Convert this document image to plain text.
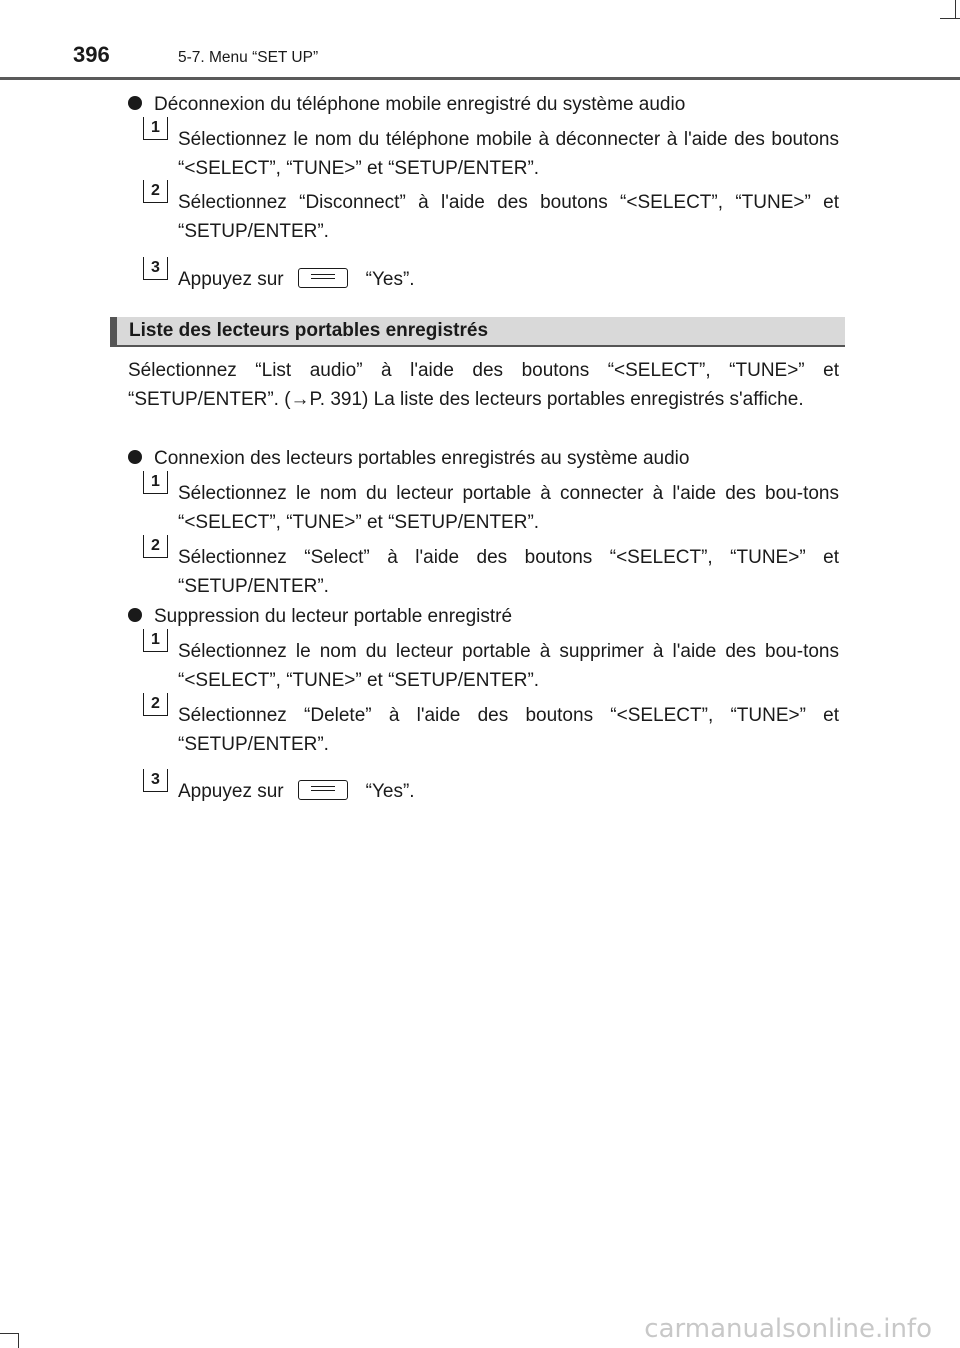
396	5-7. Menu “SET UP”
Déconnexion du téléphone mobile enregistré du système audio
1
Sélectionnez le nom du téléphone mobile à déconnecter à l'aide des boutons “<SELECT”, “TUNE>” et “SETUP/ENTER”.
2
Sélectionnez “Disconnect” à l'aide des boutons “<SELECT”, “TUNE>” et “SETUP/ENTER”.
3
Appuyez sur	“Yes”.
Liste des lecteurs portables enregistrés
Sélectionnez “List audio” à l'aide des boutons “<SELECT”, “TUNE>” et “SETUP/ENTER”. (→P. 391) La liste des lecteurs portables enregistrés s'affiche.
Connexion des lecteurs portables enregistrés au système audio
1
Sélectionnez le nom du lecteur portable à connecter à l'aide des bou-tons “<SELECT”, “TUNE>” et “SETUP/ENTER”.
2
Sélectionnez “Select” à l'aide des boutons “<SELECT”, “TUNE>” et “SETUP/ENTER”.
Suppression du lecteur portable enregistré
1
Sélectionnez le nom du lecteur portable à supprimer à l'aide des bou-tons “<SELECT”, “TUNE>” et “SETUP/ENTER”.
2
Sélectionnez “Delete” à l'aide des boutons “<SELECT”, “TUNE>” et “SETUP/ENTER”.
3
Appuyez sur	“Yes”.
carmanualsonline.info
